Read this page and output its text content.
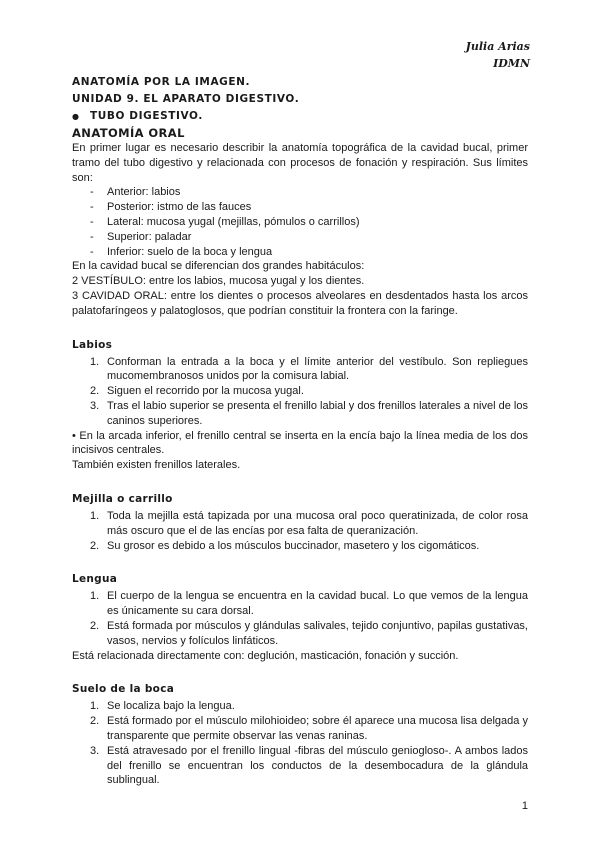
Julia Arias
IDMN
ANATOMÍA POR LA IMAGEN.
UNIDAD 9. EL APARATO DIGESTIVO.
● TUBO DIGESTIVO.
ANATOMÍA ORAL
En primer lugar es necesario describir la anatomía topográfica de la cavidad bucal, primer tramo del tubo digestivo y relacionada con procesos de fonación y respiración. Sus límites son:
- Anterior: labios
- Posterior: istmo de las fauces
- Lateral: mucosa yugal (mejillas, pómulos o carrillos)
- Superior: paladar
- Inferior: suelo de la boca y lengua
En la cavidad bucal se diferencian dos grandes habitáculos:
2 VESTÍBULO: entre los labios, mucosa yugal y los dientes.
3 CAVIDAD ORAL: entre los dientes o procesos alveolares en desdentados hasta los arcos palatofaríngeos y palatoglosos, que podrían constituir la frontera con la faringe.
Labios
1. Conforman la entrada a la boca y el límite anterior del vestíbulo. Son repliegues mucomembranosos unidos por la comisura labial.
2. Siguen el recorrido por la mucosa yugal.
3. Tras el labio superior se presenta el frenillo labial y dos frenillos laterales a nivel de los caninos superiores.
• En la arcada inferior, el frenillo central se inserta en la encía bajo la línea media de los dos incisivos centrales.
También existen frenillos laterales.
Mejilla o carrillo
1. Toda la mejilla está tapizada por una mucosa oral poco queratinizada, de color rosa más oscuro que el de las encías por esa falta de queranización.
2. Su grosor es debido a los músculos buccinador, masetero y los cigomáticos.
Lengua
1. El cuerpo de la lengua se encuentra en la cavidad bucal. Lo que vemos de la lengua es únicamente su cara dorsal.
2. Está formada por músculos y glándulas salivales, tejido conjuntivo, papilas gustativas, vasos, nervios y folículos linfáticos.
Está relacionada directamente con: deglución, masticación, fonación y succión.
Suelo de la boca
1. Se localiza bajo la lengua.
2. Está formado por el músculo milohioideo; sobre él aparece una mucosa lisa delgada y transparente que permite observar las venas raninas.
3. Está atravesado por el frenillo lingual -fibras del músculo geniogloso-. A ambos lados del frenillo se encuentran los conductos de la desembocadura de la glándula sublingual.
1
